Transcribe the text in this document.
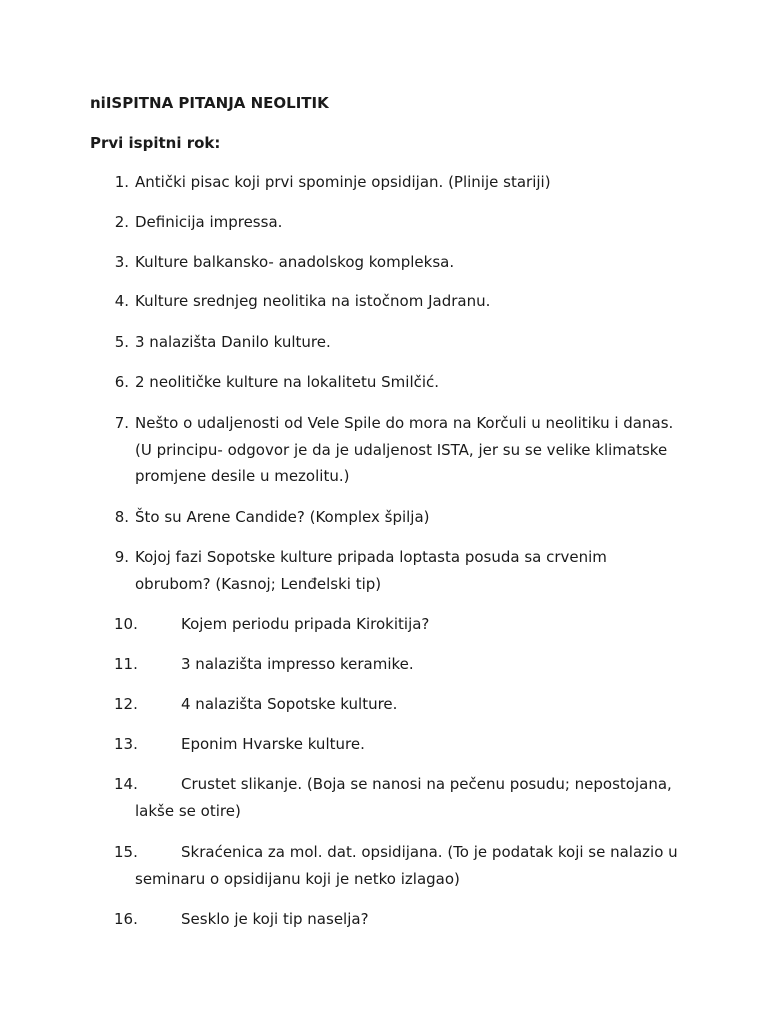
niISPITNA PITANJA NEOLITIK
Prvi ispitni rok:
1. Antički pisac koji prvi spominje opsidijan. (Plinije stariji)
2. Definicija impressa.
3. Kulture balkansko- anadolskog kompleksa.
4. Kulture srednjeg neolitika na istočnom Jadranu.
5. 3 nalazišta Danilo kulture.
6. 2 neolitičke kulture na lokalitetu Smilčić.
7. Nešto o udaljenosti od Vele Spile do mora na Korčuli u neolitiku i danas. (U principu- odgovor je da je udaljenost ISTA, jer su se velike klimatske promjene desile u mezolitu.)
8. Što su Arene Candide? (Komplex špilja)
9. Kojoj fazi Sopotske kulture pripada loptasta posuda sa crvenim obrubom? (Kasnoj; Lenđelski tip)
10.	Kojem periodu pripada Kirokitija?
11.	3 nalazišta impresso keramike.
12.	4 nalazišta Sopotske kulture.
13.	Eponim Hvarske kulture.
14.	Crustet slikanje. (Boja se nanosi na pečenu posudu; nepostojana, lakše se otire)
15.	Skraćenica za mol. dat. opsidijana. (To je podatak koji se nalazio u seminaru o opsidijanu koji je netko izlagao)
16.	Sesklo je koji tip naselja?
